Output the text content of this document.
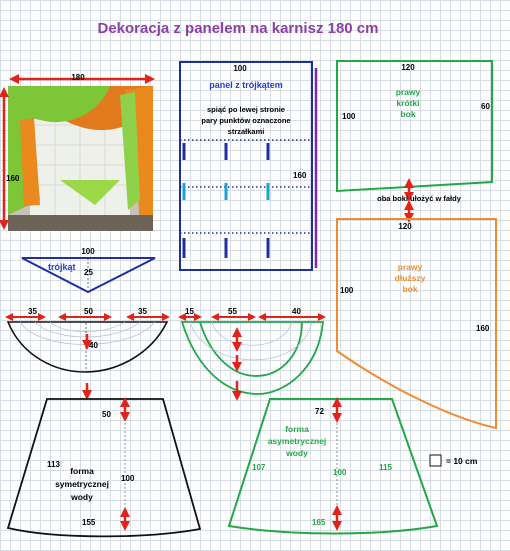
Dekoracja z panelem na karnisz 180 cm
180
160
100
trójkąt
25
100
panel z trójkątem
spiąć po lewej stronie
pary punktów oznaczone
strzałkami
160
120
100
60
prawy
krótki
bok
oba boki ułożyć w fałdy
120
100
160
prawy
dłuższy
bok
35	50	35
40
15	55	40
50
113
100
155
forma
symetrycznej
wody
72
107
100
115
165
forma
asymetrycznej
wody
= 10 cm
